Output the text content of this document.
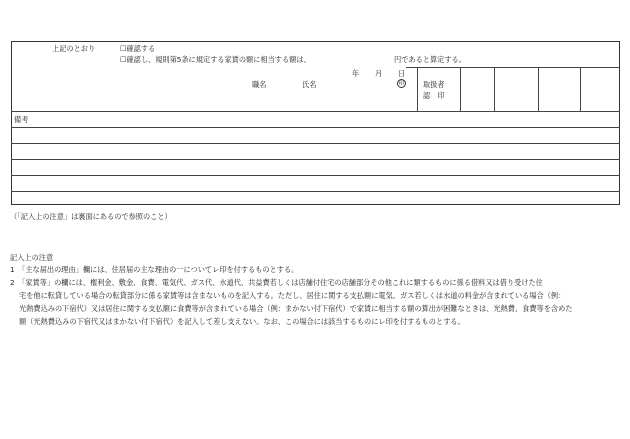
上記のとおり	☐確認する
☐確認し、規則第5条に規定する家賃の額に相当する額は、	円であると算定する。
年 月 日
職名	氏名	印	取扱者
認　印
備考
（「記入上の注意」は裏面にあるので参照のこと）
記入上の注意
1　「主な届出の理由」欄には、住居届の主な理由の一についてレ印を付するものとする。
2　「家賃等」の欄には、権利金、敷金、食費、電気代、ガス代、水道代、共益費若しくは店舗付住宅の店舗部分その他これに類するものに係る借料又は借り受けた住
宅を他に転貸している場合の転貸部分に係る家賃等は含まないものを記入する。ただし、居住に関する支払額に電気、ガス若しくは水道の料金が含まれている場合（例：
光熱費込みの下宿代）又は居住に関する支払額に食費等が含まれている場合（例：まかない付下宿代）で家賃に相当する額の算出が困難なときは、光熱費、食費等を含めた
額（光熱費込みの下宿代又はまかない付下宿代）を記入して差し支えない。なお、この場合には該当するものにレ印を付するものとする。
